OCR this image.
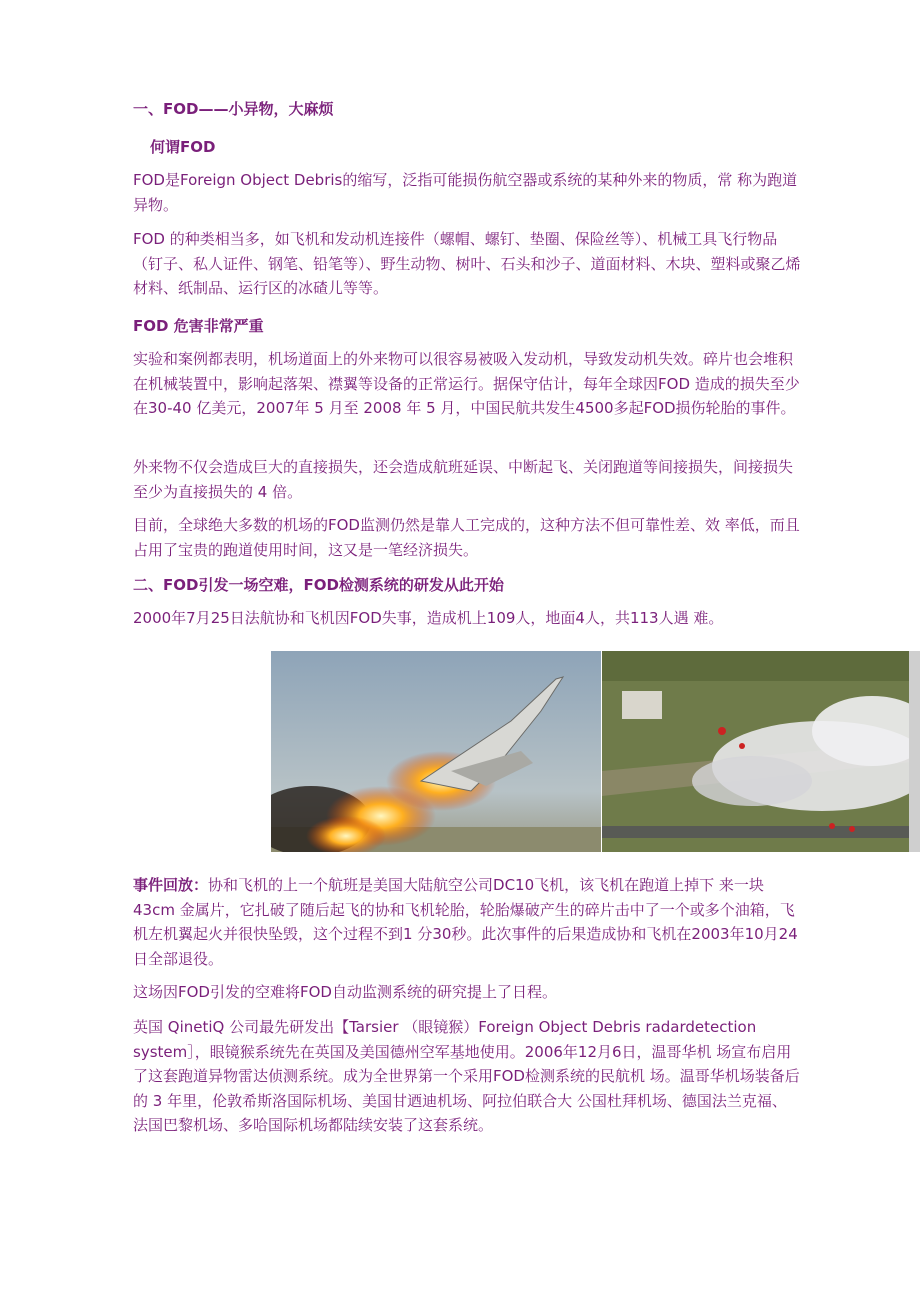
一、FOD——小异物，大麻烦
何谓FOD

FOD是Foreign Object Debris的缩写，泛指可能损伤航空器或系统的某种外来的物质，常 称为跑道异物。

FOD 的种类相当多，如飞机和发动机连接件（螺帽、螺钉、垫圈、保险丝等）、机械工具飞行物品（钉子、私人证件、钢笔、铅笔等）、野生动物、树叶、石头和沙子、道面材料、木块、塑料或聚乙烯材料、纸制品、运行区的冰碴儿等等。

FOD 危害非常严重

实验和案例都表明，机场道面上的外来物可以很容易被吸入发动机，导致发动机失效。碎片也会堆积在机械装置中，影响起落架、襟翼等设备的正常运行。据保守估计，每年全球因FOD 造成的损失至少在30-40 亿美元，2007年 5 月至 2008 年 5 月，中国民航共发生4500多起FOD损伤轮胎的事件。

外来物不仅会造成巨大的直接损失，还会造成航班延误、中断起飞、关闭跑道等间接损失，间接损失至少为直接损失的 4 倍。

目前，全球绝大多数的机场的FOD监测仍然是靠人工完成的，这种方法不但可靠性差、效 率低，而且占用了宝贵的跑道使用时间，这又是一笔经济损失。

二、FOD引发一场空难，FOD检测系统的研发从此开始

2000年7月25日法航协和飞机因FOD失事，造成机上109人，地面4人，共113人遇 难。

事件回放：协和飞机的上一个航班是美国大陆航空公司DC10飞机，该飞机在跑道上掉下 来一块 43cm 金属片，它扎破了随后起飞的协和飞机轮胎，轮胎爆破产生的碎片击中了一个或多个油箱，飞机左机翼起火并很快坠毁，这个过程不到1 分30秒。此次事件的后果造成协和飞机在2003年10月24日全部退役。

这场因FOD引发的空难将FOD自动监测系统的研究提上了日程。

英国 QinetiQ 公司最先研发出【Tarsier （眼镜猴）Foreign Object Debris radardetection system］，眼镜猴系统先在英国及美国德州空军基地使用。2006年12月6日，温哥华机 场宣布启用了这套跑道异物雷达侦测系统。成为全世界第一个采用FOD检测系统的民航机 场。温哥华机场装备后的 3 年里，伦敦希斯洛国际机场、美国甘迺迪机场、阿拉伯联合大 公国杜拜机场、德国法兰克福、法国巴黎机场、多哈国际机场都陆续安装了这套系统。
